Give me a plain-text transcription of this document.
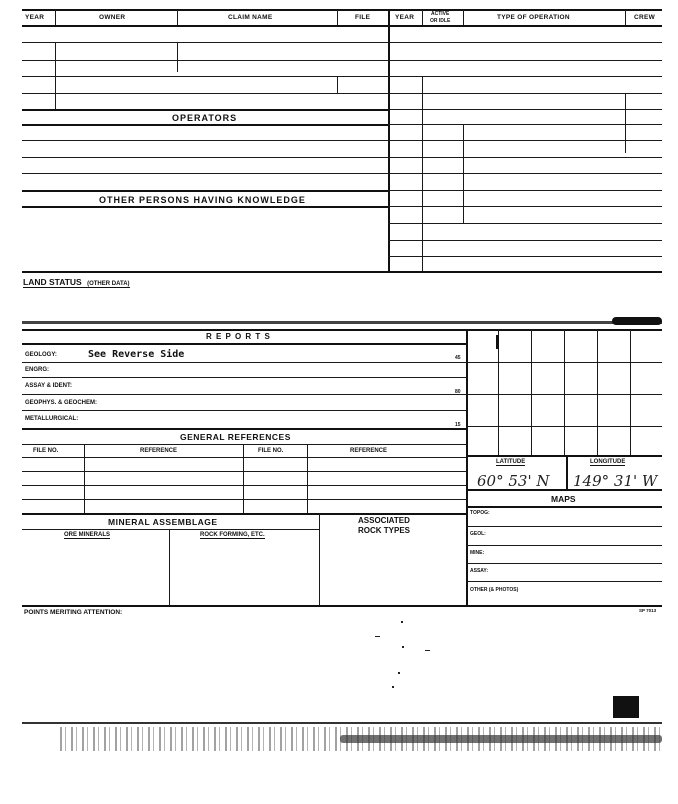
YEAR	OWNER	CLAIM NAME	FILE	YEAR	ACTIVE
OR IDLE	TYPE OF OPERATION	CREW
OPERATORS
OTHER PERSONS HAVING KNOWLEDGE
LAND STATUS (OTHER DATA)
R E P O R T S
GEOLOGY:	See Reverse Side	45
ENGRG:
ASSAY & IDENT:
80
GEOPHYS. & GEOCHEM:
METALLURGICAL:
15
GENERAL REFERENCES
FILE NO.	REFERENCE	FILE NO.	REFERENCE
MINERAL ASSEMBLAGE	ASSOCIATED
ROCK TYPES
ORE MINERALS	ROCK FORMING, ETC.
LATITUDE	LONGITUDE
60° 53' N 149° 31' W
MAPS
TOPOG:
GEOL:
MINE:
ASSAY:
OTHER (& PHOTOS)
POINTS MERITING ATTENTION:	SP 7013
